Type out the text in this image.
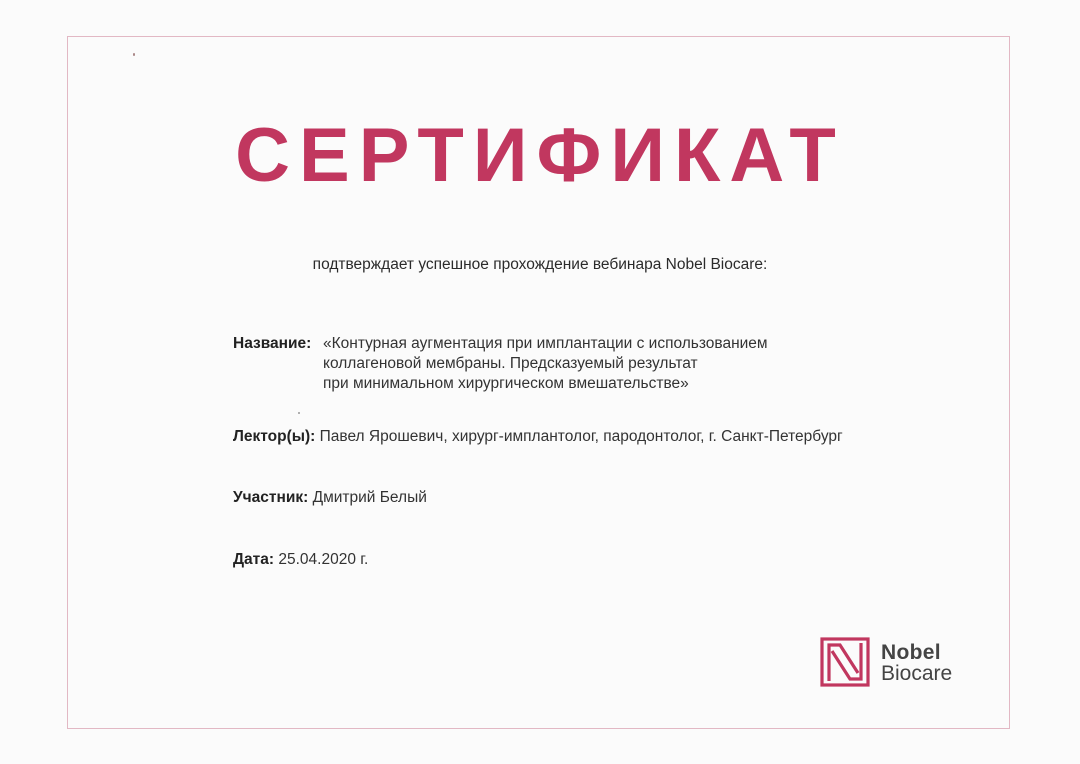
СЕРТИФИКАТ
подтверждает успешное прохождение вебинара Nobel Biocare:
Название: «Контурная аугментация при имплантации с использованием
коллагеновой мембраны. Предсказуемый результат
при минимальном хирургическом вмешательстве»
Лектор(ы): Павел Ярошевич, хирург-имплантолог, пародонтолог, г. Санкт-Петербург
Участник: Дмитрий Белый
Дата: 25.04.2020 г.
Nobel
Biocare
